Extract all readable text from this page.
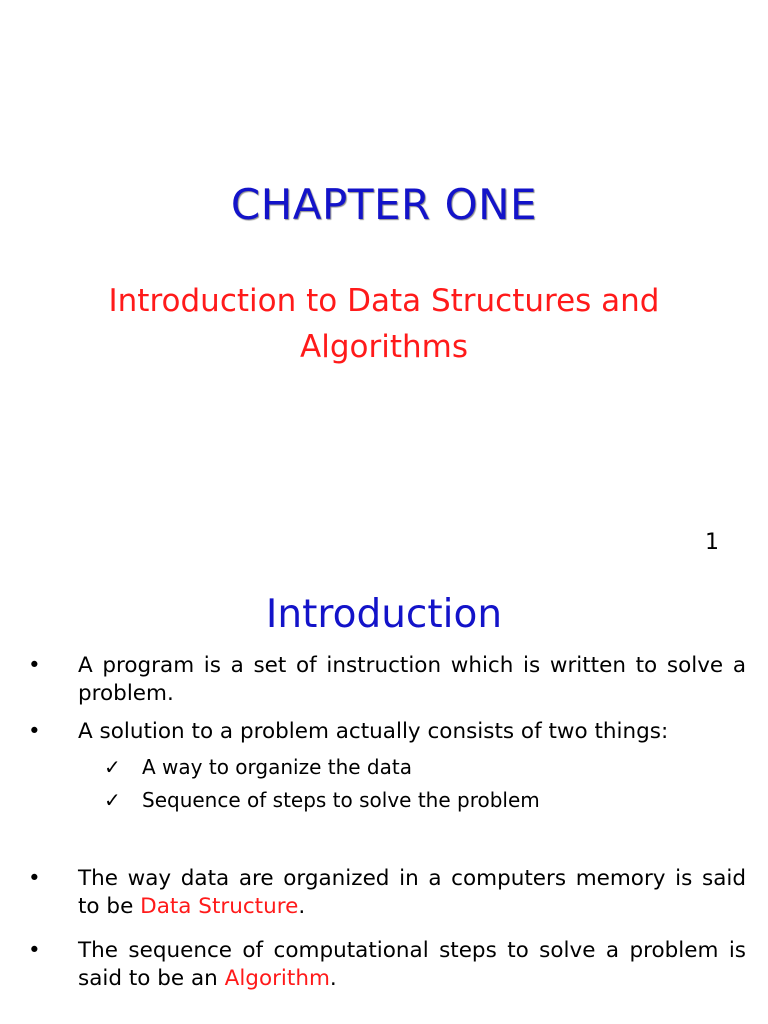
CHAPTER ONE
Introduction to Data Structures and
Algorithms
1
Introduction
• A program is a set of instruction which is written to solve a problem.
• A solution to a problem actually consists of two things:
✓ A way to organize the data
✓ Sequence of steps to solve the problem
• The way data are organized in a computers memory is said to be Data Structure.
• The sequence of computational steps to solve a problem is said to be an Algorithm.
